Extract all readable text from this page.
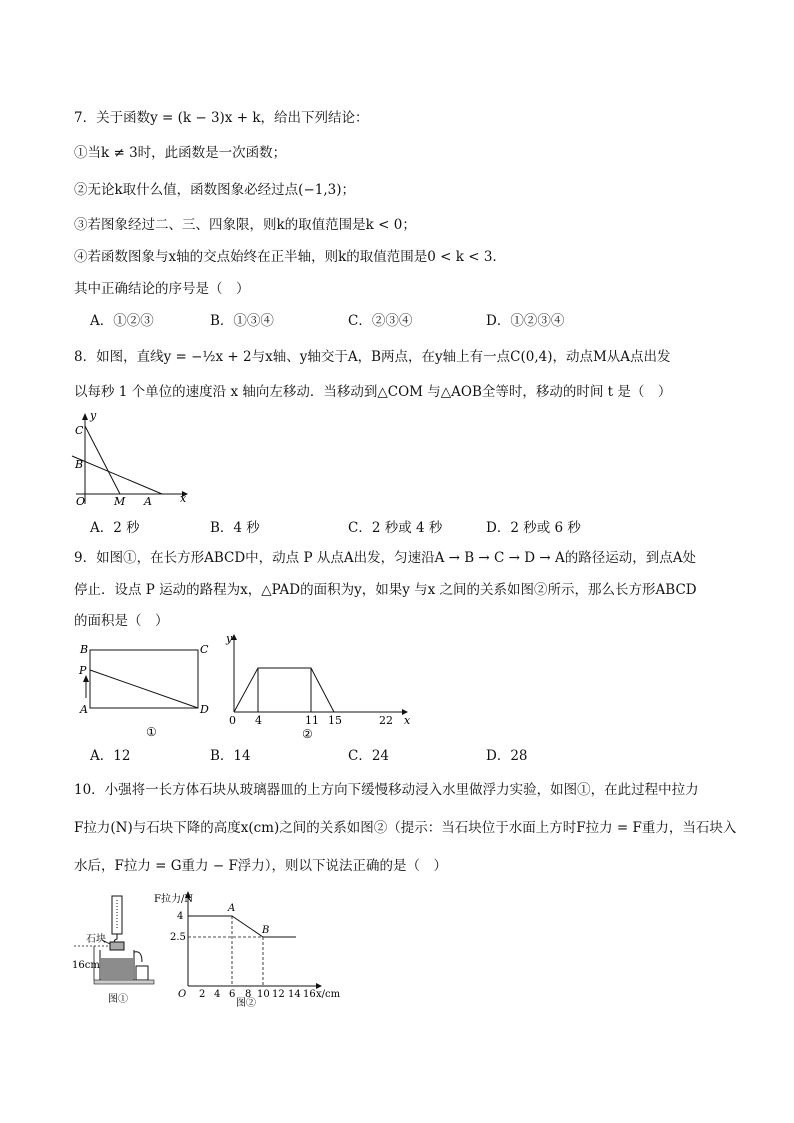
7．关于函数y = (k − 3)x + k，给出下列结论：
①当k ≠ 3时，此函数是一次函数；
②无论k取什么值，函数图象必经过点(−1,3)；
③若图象经过二、三、四象限，则k的取值范围是k < 0；
④若函数图象与x轴的交点始终在正半轴，则k的取值范围是0 < k < 3．
其中正确结论的序号是（　）
A．①②③	B．①③④	C．②③④	D．①②③④
8．如图，直线y = −½x + 2与x轴、y轴交于A，B两点，在y轴上有一点C(0,4)，动点M从A点出发
以每秒 1 个单位的速度沿 x 轴向左移动．当移动到△COM 与△AOB全等时，移动的时间 t 是（　）
y
x
C
B
O	M A
A．2 秒	B．4 秒	C．2 秒或 4 秒	D．2 秒或 6 秒
9．如图①，在长方形ABCD中，动点 P 从点A出发，匀速沿A → B → C → D → A的路径运动，到点A处
停止．设点 P 运动的路程为x，△PAD的面积为y，如果y 与x 之间的关系如图②所示，那么长方形ABCD
的面积是（　）
B	C
P
A	D
①
y
x
0 4	11 15	22
②
A．12	B．14	C．24	D．28
10．小强将一长方体石块从玻璃器皿的上方向下缓慢移动浸入水里做浮力实验，如图①，在此过程中拉力
F拉力(N)与石块下降的高度x(cm)之间的关系如图②（提示：当石块位于水面上方时F拉力 = F重力，当石块入
水后，F拉力 = G重力 − F浮力），则以下说法正确的是（　）
石块
16cm
图①
F拉力/N
x/cm
O
4
2.5
2 4 6 8 10 12 14 16
A
B
图②
